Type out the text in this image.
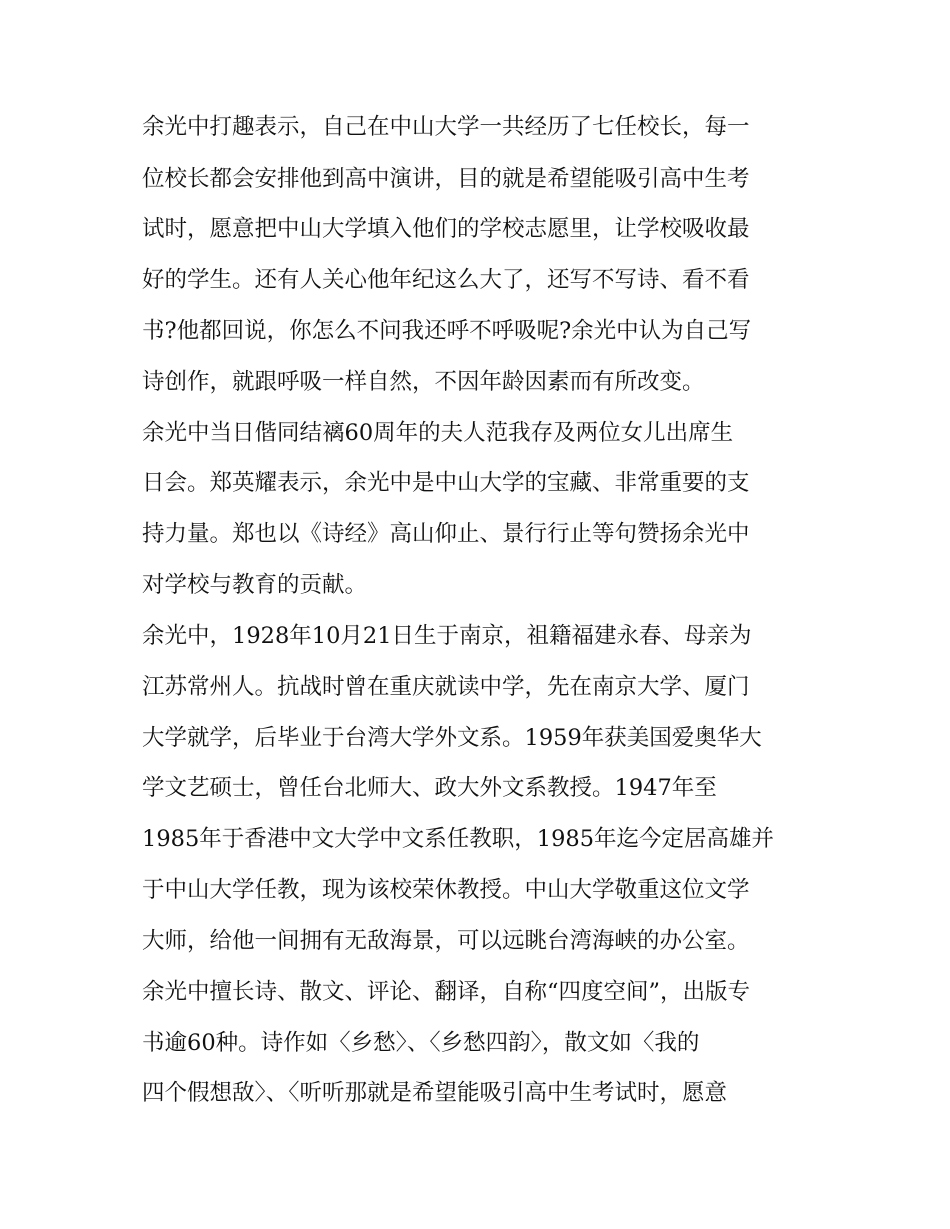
余光中打趣表示，自己在中山大学一共经历了七任校长，每一
位校长都会安排他到高中演讲，目的就是希望能吸引高中生考
试时，愿意把中山大学填入他们的学校志愿里，让学校吸收最
好的学生。还有人关心他年纪这么大了，还写不写诗、看不看
书?他都回说，你怎么不问我还呼不呼吸呢?余光中认为自己写
诗创作，就跟呼吸一样自然，不因年龄因素而有所改变。
余光中当日偕同结褵60周年的夫人范我存及两位女儿出席生
日会。郑英耀表示，余光中是中山大学的宝藏、非常重要的支
持力量。郑也以《诗经》高山仰止、景行行止等句赞扬余光中
对学校与教育的贡献。
余光中，1928年10月21日生于南京，祖籍福建永春、母亲为
江苏常州人。抗战时曾在重庆就读中学，先在南京大学、厦门
大学就学，后毕业于台湾大学外文系。1959年获美国爱奥华大
学文艺硕士，曾任台北师大、政大外文系教授。1947年至
1985年于香港中文大学中文系任教职，1985年迄今定居高雄并
于中山大学任教，现为该校荣休教授。中山大学敬重这位文学
大师，给他一间拥有无敌海景，可以远眺台湾海峡的办公室。
余光中擅长诗、散文、评论、翻译，自称“四度空间”，出版专
书逾60种。诗作如〈乡愁〉、〈乡愁四韵〉，散文如〈我的
四个假想敌〉、〈听听那就是希望能吸引高中生考试时，愿意
